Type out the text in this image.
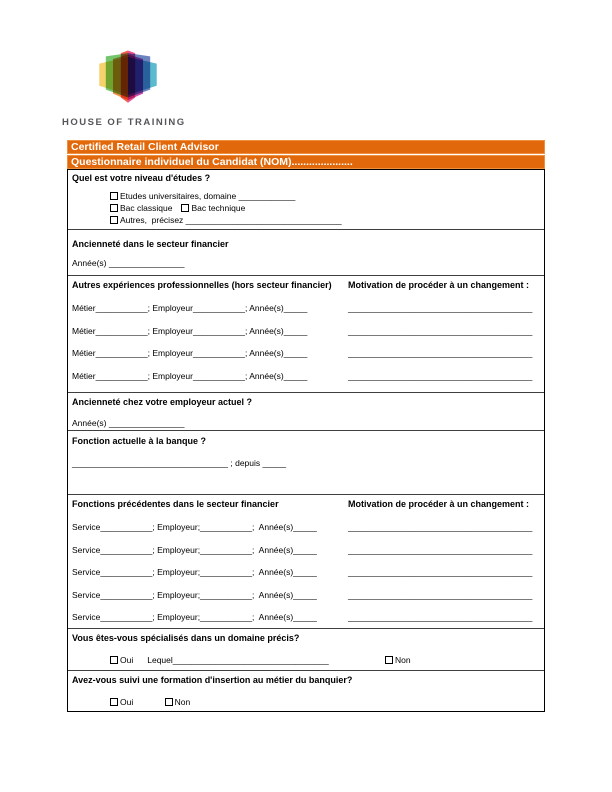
HOUSE OF TRAINING
Certified Retail Client Advisor
Questionnaire individuel du Candidat (NOM).....................
Quel est votre niveau d'études ?
Etudes universitaires, domaine ____________
Bac classique Bac technique
Autres,  précisez _________________________________
Ancienneté dans le secteur financier
Année(s) ________________
Autres expériences professionnelles (hors secteur financier)	Motivation de procéder à un changement :
Métier___________; Employeur___________; Année(s)_____	_______________________________________
Métier___________; Employeur___________; Année(s)_____	_______________________________________
Métier___________; Employeur___________; Année(s)_____	_______________________________________
Métier___________; Employeur___________; Année(s)_____	_______________________________________
Ancienneté chez votre employeur actuel ?
Année(s) ________________
Fonction actuelle à la banque ?
_________________________________ ; depuis _____
Fonctions précédentes dans le secteur financier	Motivation de procéder à un changement :
Service___________; Employeur;___________;  Année(s)_____	_______________________________________
Service___________; Employeur;___________;  Année(s)_____	_______________________________________
Service___________; Employeur;___________;  Année(s)_____	_______________________________________
Service___________; Employeur;___________;  Année(s)_____	_______________________________________
Service___________; Employeur;___________;  Année(s)_____	_______________________________________
Vous êtes-vous spécialisés dans un domaine précis?
Oui Lequel_________________________________	Non
Avez-vous suivi une formation d'insertion au métier du banquier?
Oui	Non
